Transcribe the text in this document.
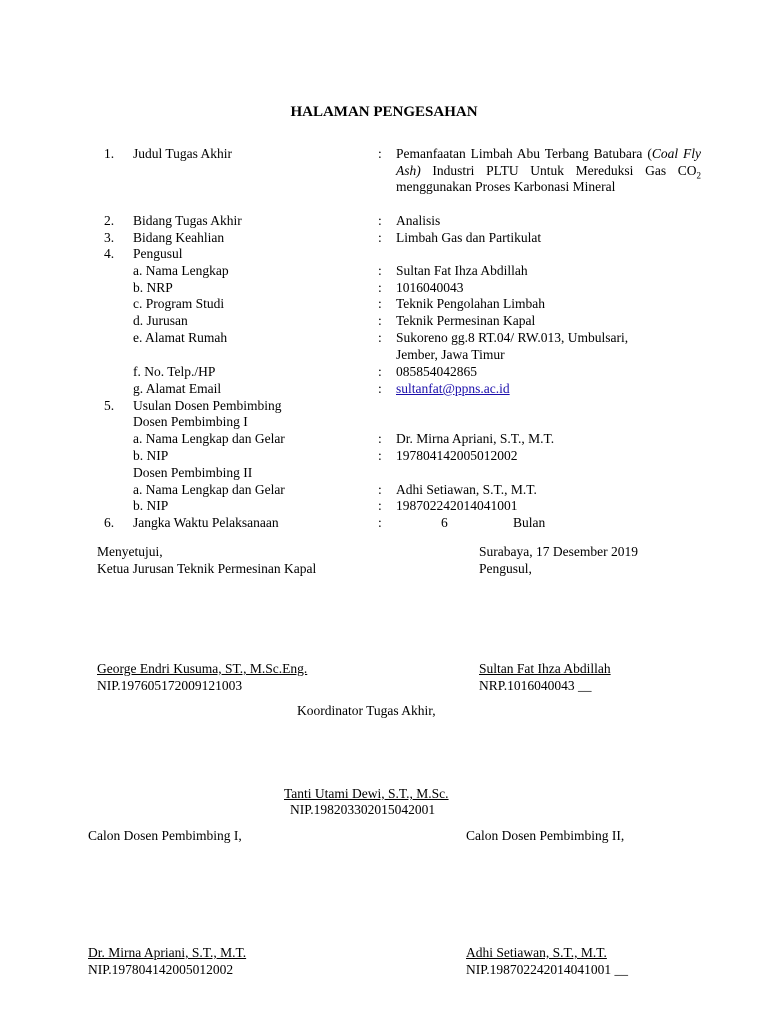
HALAMAN PENGESAHAN
1. Judul Tugas Akhir	: Pemanfaatan Limbah Abu Terbang Batubara (Coal Fly Ash) Industri PLTU Untuk Mereduksi Gas $CO_2$ menggunakan Proses Karbonasi Mineral
2. Bidang Tugas Akhir	: Analisis
3. Bidang Keahlian	: Limbah Gas dan Partikulat
4. Pengusul
a. Nama Lengkap	: Sultan Fat Ihza Abdillah
b. NRP	: 1016040043
c. Program Studi	: Teknik Pengolahan Limbah
d. Jurusan	: Teknik Permesinan Kapal
e. Alamat Rumah	: Sukoreno gg.8 RT.04/ RW.013, Umbulsari,
Jember, Jawa Timur
f. No. Telp./HP	: 085854042865
g. Alamat Email	: sultanfat@ppns.ac.id
5. Usulan Dosen Pembimbing
Dosen Pembimbing I
a. Nama Lengkap dan Gelar	: Dr. Mirna Apriani, S.T., M.T.
b. NIP	: 197804142005012002
Dosen Pembimbing II
a. Nama Lengkap dan Gelar	: Adhi Setiawan, S.T., M.T.
b. NIP	: 198702242014041001
6. Jangka Waktu Pelaksanaan	:	6	Bulan
Menyetujui,
Ketua Jurusan Teknik Permesinan Kapal
George Endri Kusuma, ST., M.Sc.Eng.
NIP.197605172009121003
Surabaya, 17 Desember 2019
Pengusul,
Sultan Fat Ihza Abdillah
NRP.1016040043 __
Koordinator Tugas Akhir,
Tanti Utami Dewi, S.T., M.Sc.
NIP.198203302015042001
Calon Dosen Pembimbing I,
Dr. Mirna Apriani, S.T., M.T.
NIP.197804142005012002
Calon Dosen Pembimbing II,
Adhi Setiawan, S.T., M.T.
NIP.198702242014041001 __
